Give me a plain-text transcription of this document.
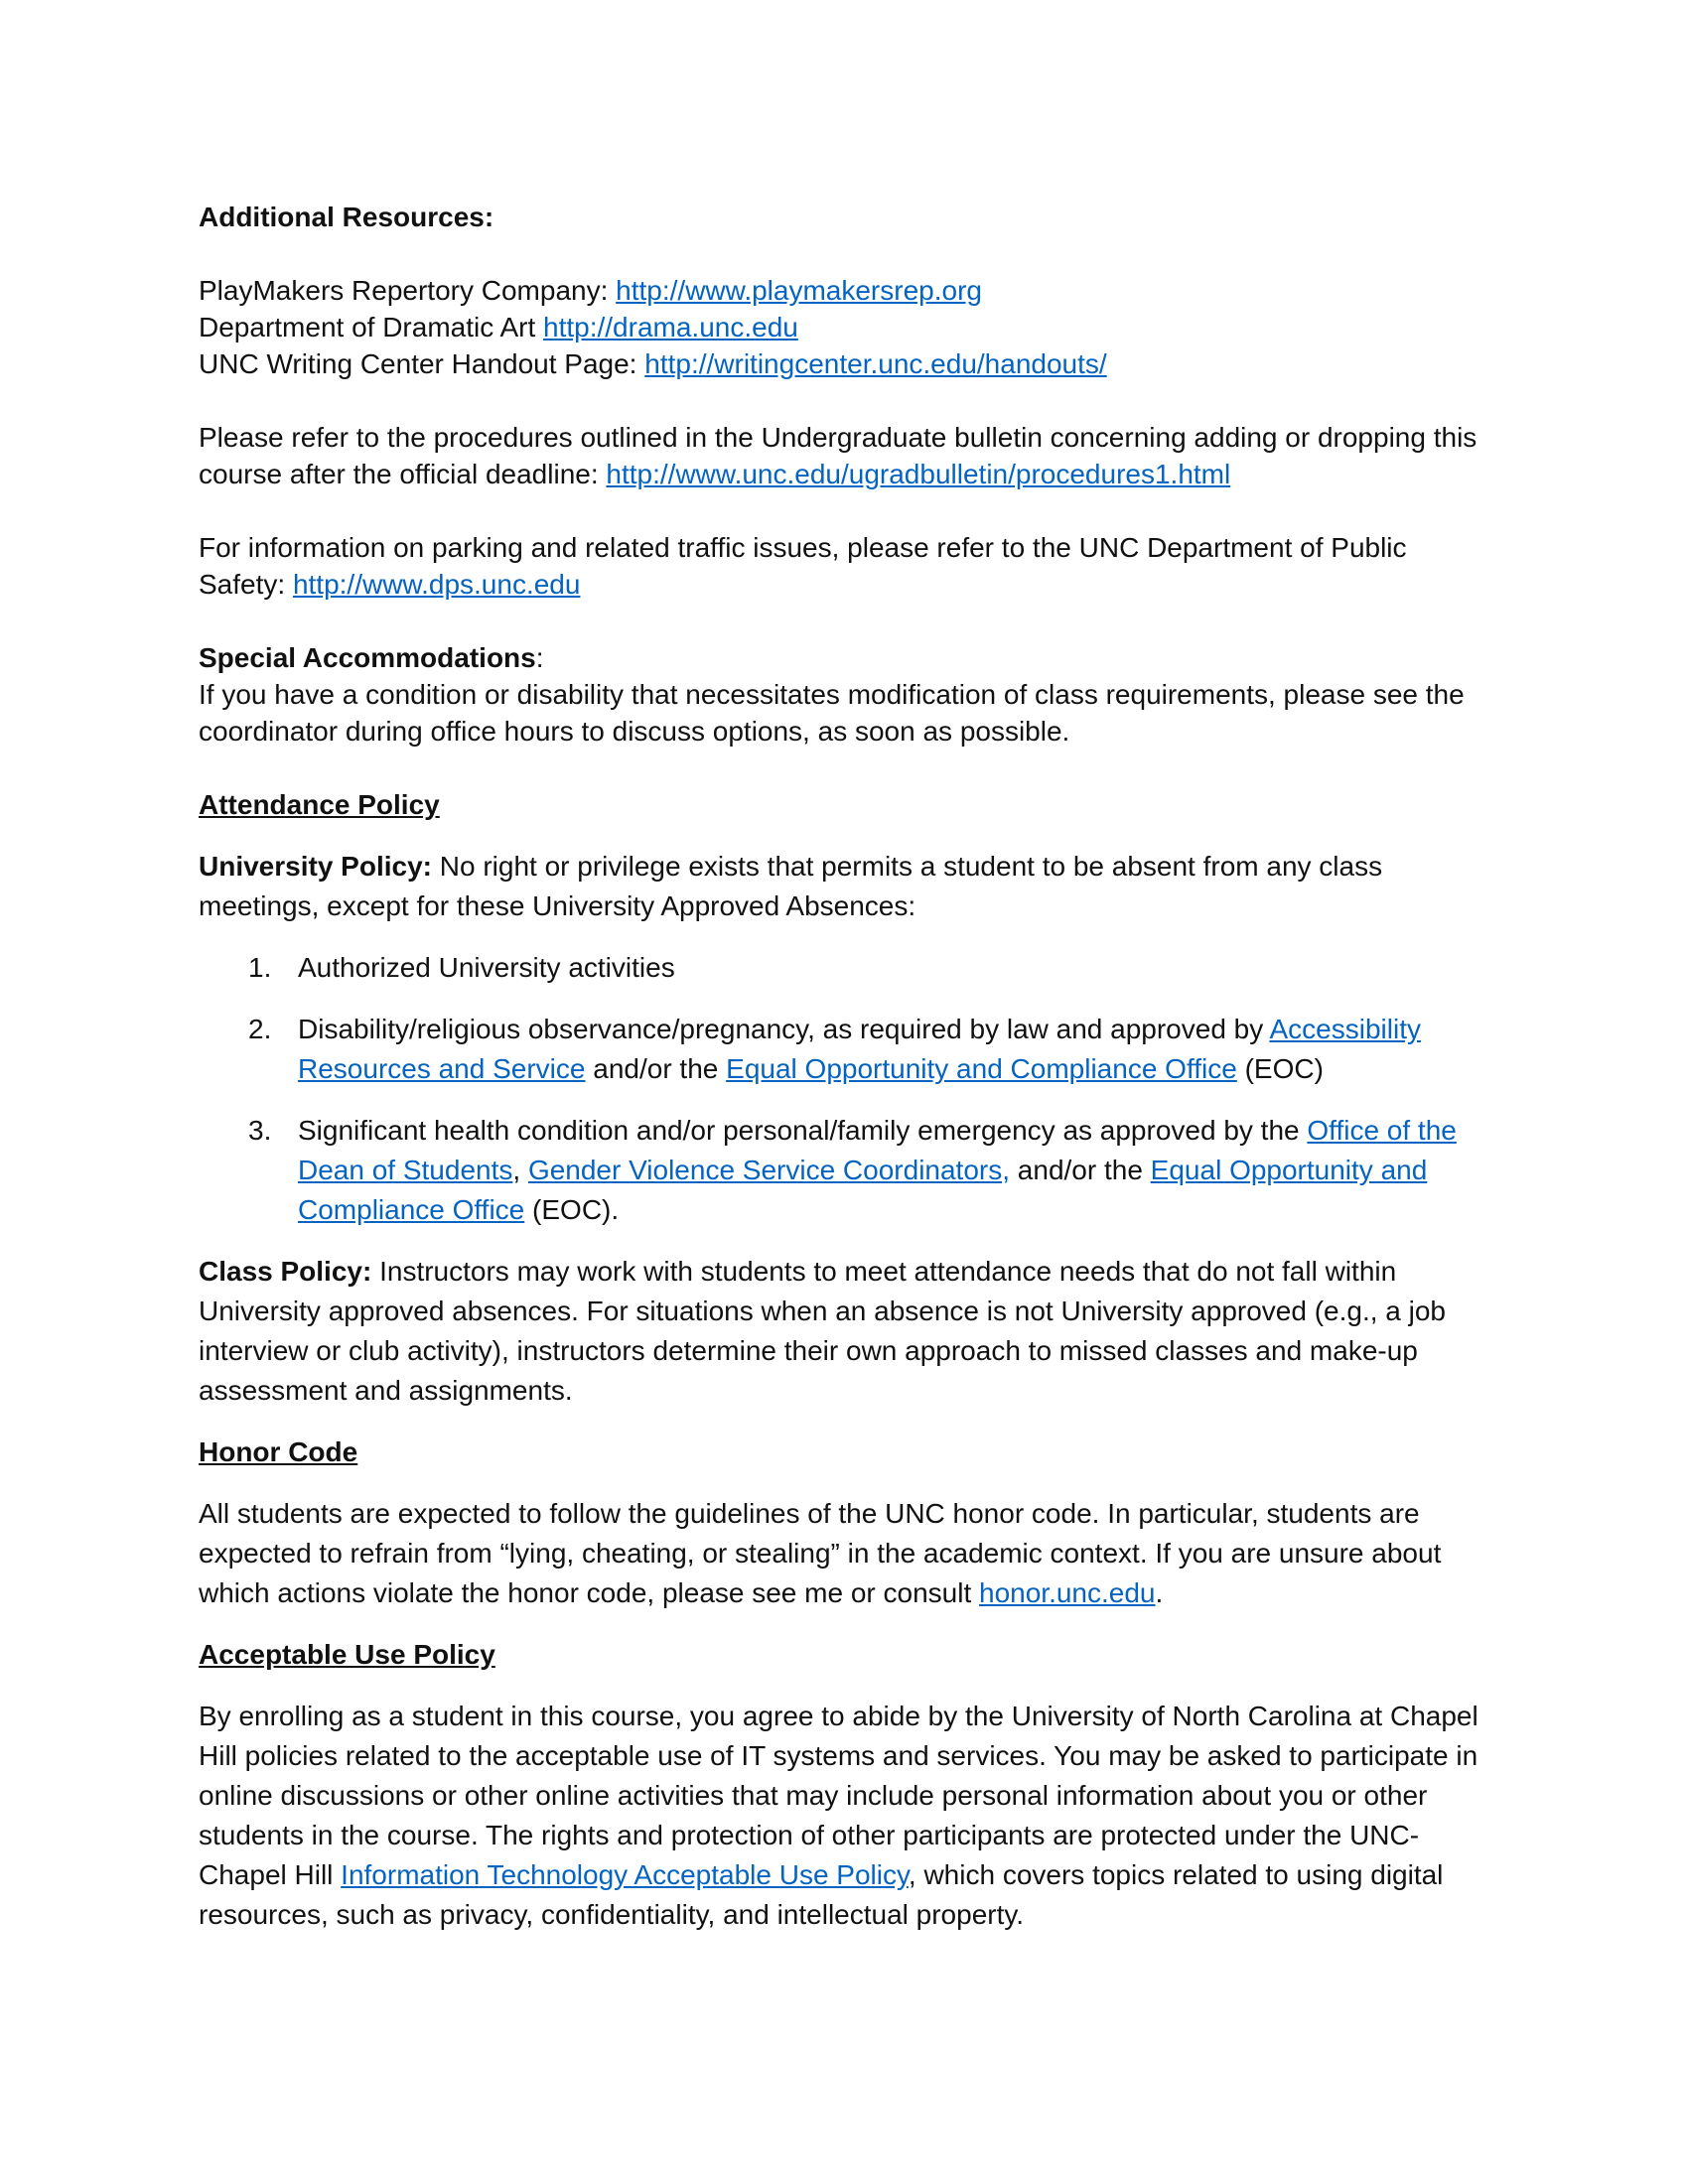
Additional Resources:

PlayMakers Repertory Company: http://www.playmakersrep.org

Department of Dramatic Art http://drama.unc.edu

UNC Writing Center Handout Page: http://writingcenter.unc.edu/handouts/

Please refer to the procedures outlined in the Undergraduate bulletin concerning adding or dropping this course after the official deadline: http://www.unc.edu/ugradbulletin/procedures1.html

For information on parking and related traffic issues, please refer to the UNC Department of Public Safety: http://www.dps.unc.edu

Special Accommodations:

If you have a condition or disability that necessitates modification of class requirements, please see the coordinator during office hours to discuss options, as soon as possible.

Attendance Policy

University Policy: No right or privilege exists that permits a student to be absent from any class meetings, except for these University Approved Absences:

1. Authorized University activities
2. Disability/religious observance/pregnancy, as required by law and approved by Accessibility Resources and Service and/or the Equal Opportunity and Compliance Office (EOC)
3. Significant health condition and/or personal/family emergency as approved by the Office of the Dean of Students, Gender Violence Service Coordinators, and/or the Equal Opportunity and Compliance Office (EOC).

Class Policy: Instructors may work with students to meet attendance needs that do not fall within University approved absences. For situations when an absence is not University approved (e.g., a job interview or club activity), instructors determine their own approach to missed classes and make-up assessment and assignments.

Honor Code

All students are expected to follow the guidelines of the UNC honor code. In particular, students are expected to refrain from “lying, cheating, or stealing” in the academic context. If you are unsure about which actions violate the honor code, please see me or consult honor.unc.edu.

Acceptable Use Policy

By enrolling as a student in this course, you agree to abide by the University of North Carolina at Chapel Hill policies related to the acceptable use of IT systems and services. You may be asked to participate in online discussions or other online activities that may include personal information about you or other students in the course. The rights and protection of other participants are protected under the UNC-Chapel Hill Information Technology Acceptable Use Policy, which covers topics related to using digital resources, such as privacy, confidentiality, and intellectual property.
